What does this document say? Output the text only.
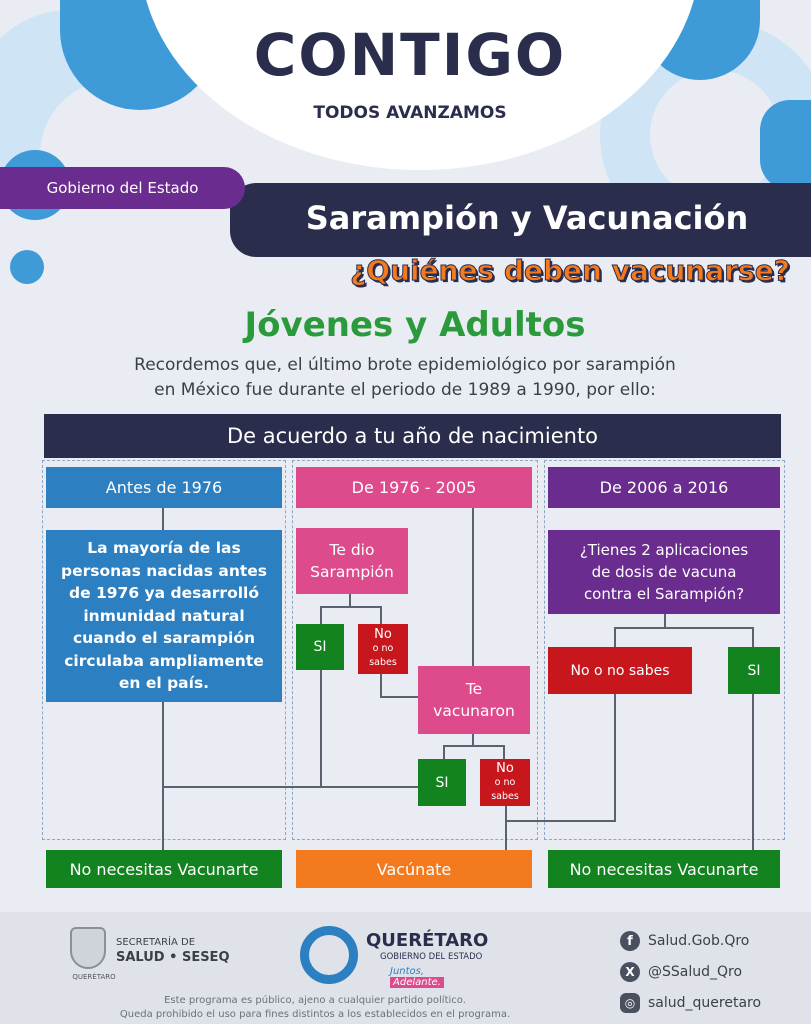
CONTIGO
TODOS AVANZAMOS
Gobierno del Estado
Sarampión y Vacunación
¿Quiénes deben vacunarse?
Jóvenes y Adultos
Recordemos que, el último brote epidemiológico por sarampión
en México fue durante el periodo de 1989 a 1990, por ello:
De acuerdo a tu año de nacimiento
Antes de 1976
La mayoría de las
personas nacidas antes
de 1976 ya desarrolló
inmunidad natural
cuando el sarampión
circulaba ampliamente
en el país.
No necesitas Vacunarte
De 1976 - 2005
Te dio
Sarampión
SI
No
o no sabes
Te
vacunaron
SI
No
o no sabes
Vacúnate
De 2006 a 2016
¿Tienes 2 aplicaciones
de dosis de vacuna
contra el Sarampión?
No o no sabes	SI
No necesitas Vacunarte
QUERÉTARO
SECRETARÍA DE
SALUD • SESEQ
QUERÉTARO
GOBIERNO DEL ESTADO
Juntos, Adelante.
f	Salud.Gob.Qro
X @SSalud_Qro
◎ salud_queretaro
Este programa es público, ajeno a cualquier partido político.
Queda prohibido el uso para fines distintos a los establecidos en el programa.
